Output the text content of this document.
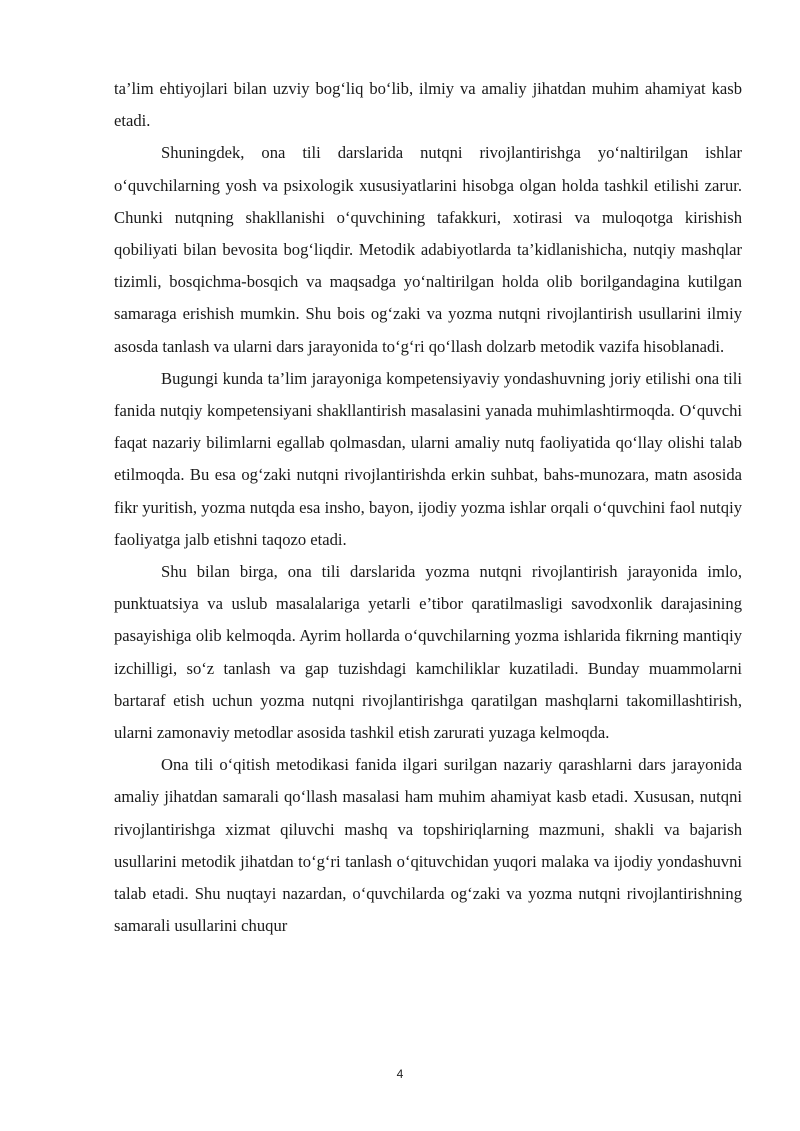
ta’lim ehtiyojlari bilan uzviy bog‘liq bo‘lib, ilmiy va amaliy jihatdan muhim ahamiyat kasb etadi.

Shuningdek, ona tili darslarida nutqni rivojlantirishga yo‘naltirilgan ishlar o‘quvchilarning yosh va psixologik xususiyatlarini hisobga olgan holda tashkil etilishi zarur. Chunki nutqning shakllanishi o‘quvchining tafakkuri, xotirasi va muloqotga kirishish qobiliyati bilan bevosita bog‘liqdir. Metodik adabiyotlarda ta’kidlanishicha, nutqiy mashqlar tizimli, bosqichma-bosqich va maqsadga yo‘naltirilgan holda olib borilgandagina kutilgan samaraga erishish mumkin. Shu bois og‘zaki va yozma nutqni rivojlantirish usullarini ilmiy asosda tanlash va ularni dars jarayonida to‘g‘ri qo‘llash dolzarb metodik vazifa hisoblanadi.

Bugungi kunda ta’lim jarayoniga kompetensiyaviy yondashuvning joriy etilishi ona tili fanida nutqiy kompetensiyani shakllantirish masalasini yanada muhimlashtirmoqda. O‘quvchi faqat nazariy bilimlarni egallab qolmasdan, ularni amaliy nutq faoliyatida qo‘llay olishi talab etilmoqda. Bu esa og‘zaki nutqni rivojlantirishda erkin suhbat, bahs-munozara, matn asosida fikr yuritish, yozma nutqda esa insho, bayon, ijodiy yozma ishlar orqali o‘quvchini faol nutqiy faoliyatga jalb etishni taqozo etadi.

Shu bilan birga, ona tili darslarida yozma nutqni rivojlantirish jarayonida imlo, punktuatsiya va uslub masalalariga yetarli e’tibor qaratilmasligi savodxonlik darajasining pasayishiga olib kelmoqda. Ayrim hollarda o‘quvchilarning yozma ishlarida fikrning mantiqiy izchilligi, so‘z tanlash va gap tuzishdagi kamchiliklar kuzatiladi. Bunday muammolarni bartaraf etish uchun yozma nutqni rivojlantirishga qaratilgan mashqlarni takomillashtirish, ularni zamonaviy metodlar asosida tashkil etish zarurati yuzaga kelmoqda.

Ona tili o‘qitish metodikasi fanida ilgari surilgan nazariy qarashlarni dars jarayonida amaliy jihatdan samarali qo‘llash masalasi ham muhim ahamiyat kasb etadi. Xususan, nutqni rivojlantirishga xizmat qiluvchi mashq va topshiriqlarning mazmuni, shakli va bajarish usullarini metodik jihatdan to‘g‘ri tanlash o‘qituvchidan yuqori malaka va ijodiy yondashuvni talab etadi. Shu nuqtayi nazardan, o‘quvchilarda og‘zaki va yozma nutqni rivojlantirishning samarali usullarini chuqur

4
